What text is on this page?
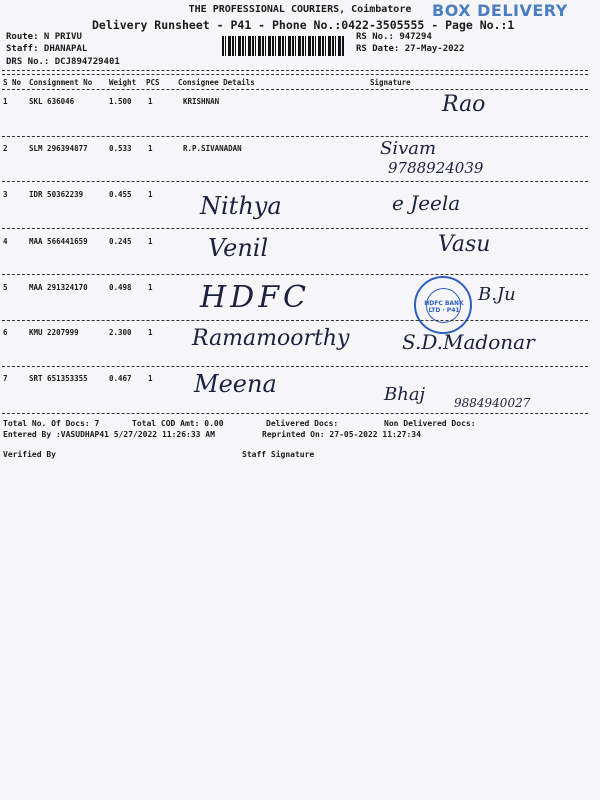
THE PROFESSIONAL COURIERS, Coimbatore
Delivery Runsheet - P41 - Phone No.:0422-3505555 - Page No.:1
BOX DELIVERY
Route: N PRIVU
Staff: DHANAPAL
DRS No.: DCJ894729401
RS No.: 947294
RS Date: 27-May-2022
S No Consignment No Weight PCS Consignee Details	Signature
1	SKL 636046	1.500 1	KRISHNAN	Rao
2	SLM 296394877	0.533 1	R.P.SIVANADAN	Sivam
9788924039
3	IDR 50362239	0.455 1 Nithya	e Jeela
4	MAA 566441659	0.245 1 Venil	Vasu
5	MAA 291324170	0.498 1 HDFC	HDFC BANK LTD · P41
B.Ju
6	KMU 2207999	2.300 1 Ramamoorthy	S.D.Madonar
7	SRT 651353355	0.467 1 Meena	Bhaj 9884940027
Total No. Of Docs: 7	Total COD Amt: 0.00	Delivered Docs:	Non Delivered Docs:
Entered By :VASUDHAP41 5/27/2022 11:26:33 AM	Reprinted On: 27-05-2022 11:27:34
Verified By	Staff Signature
